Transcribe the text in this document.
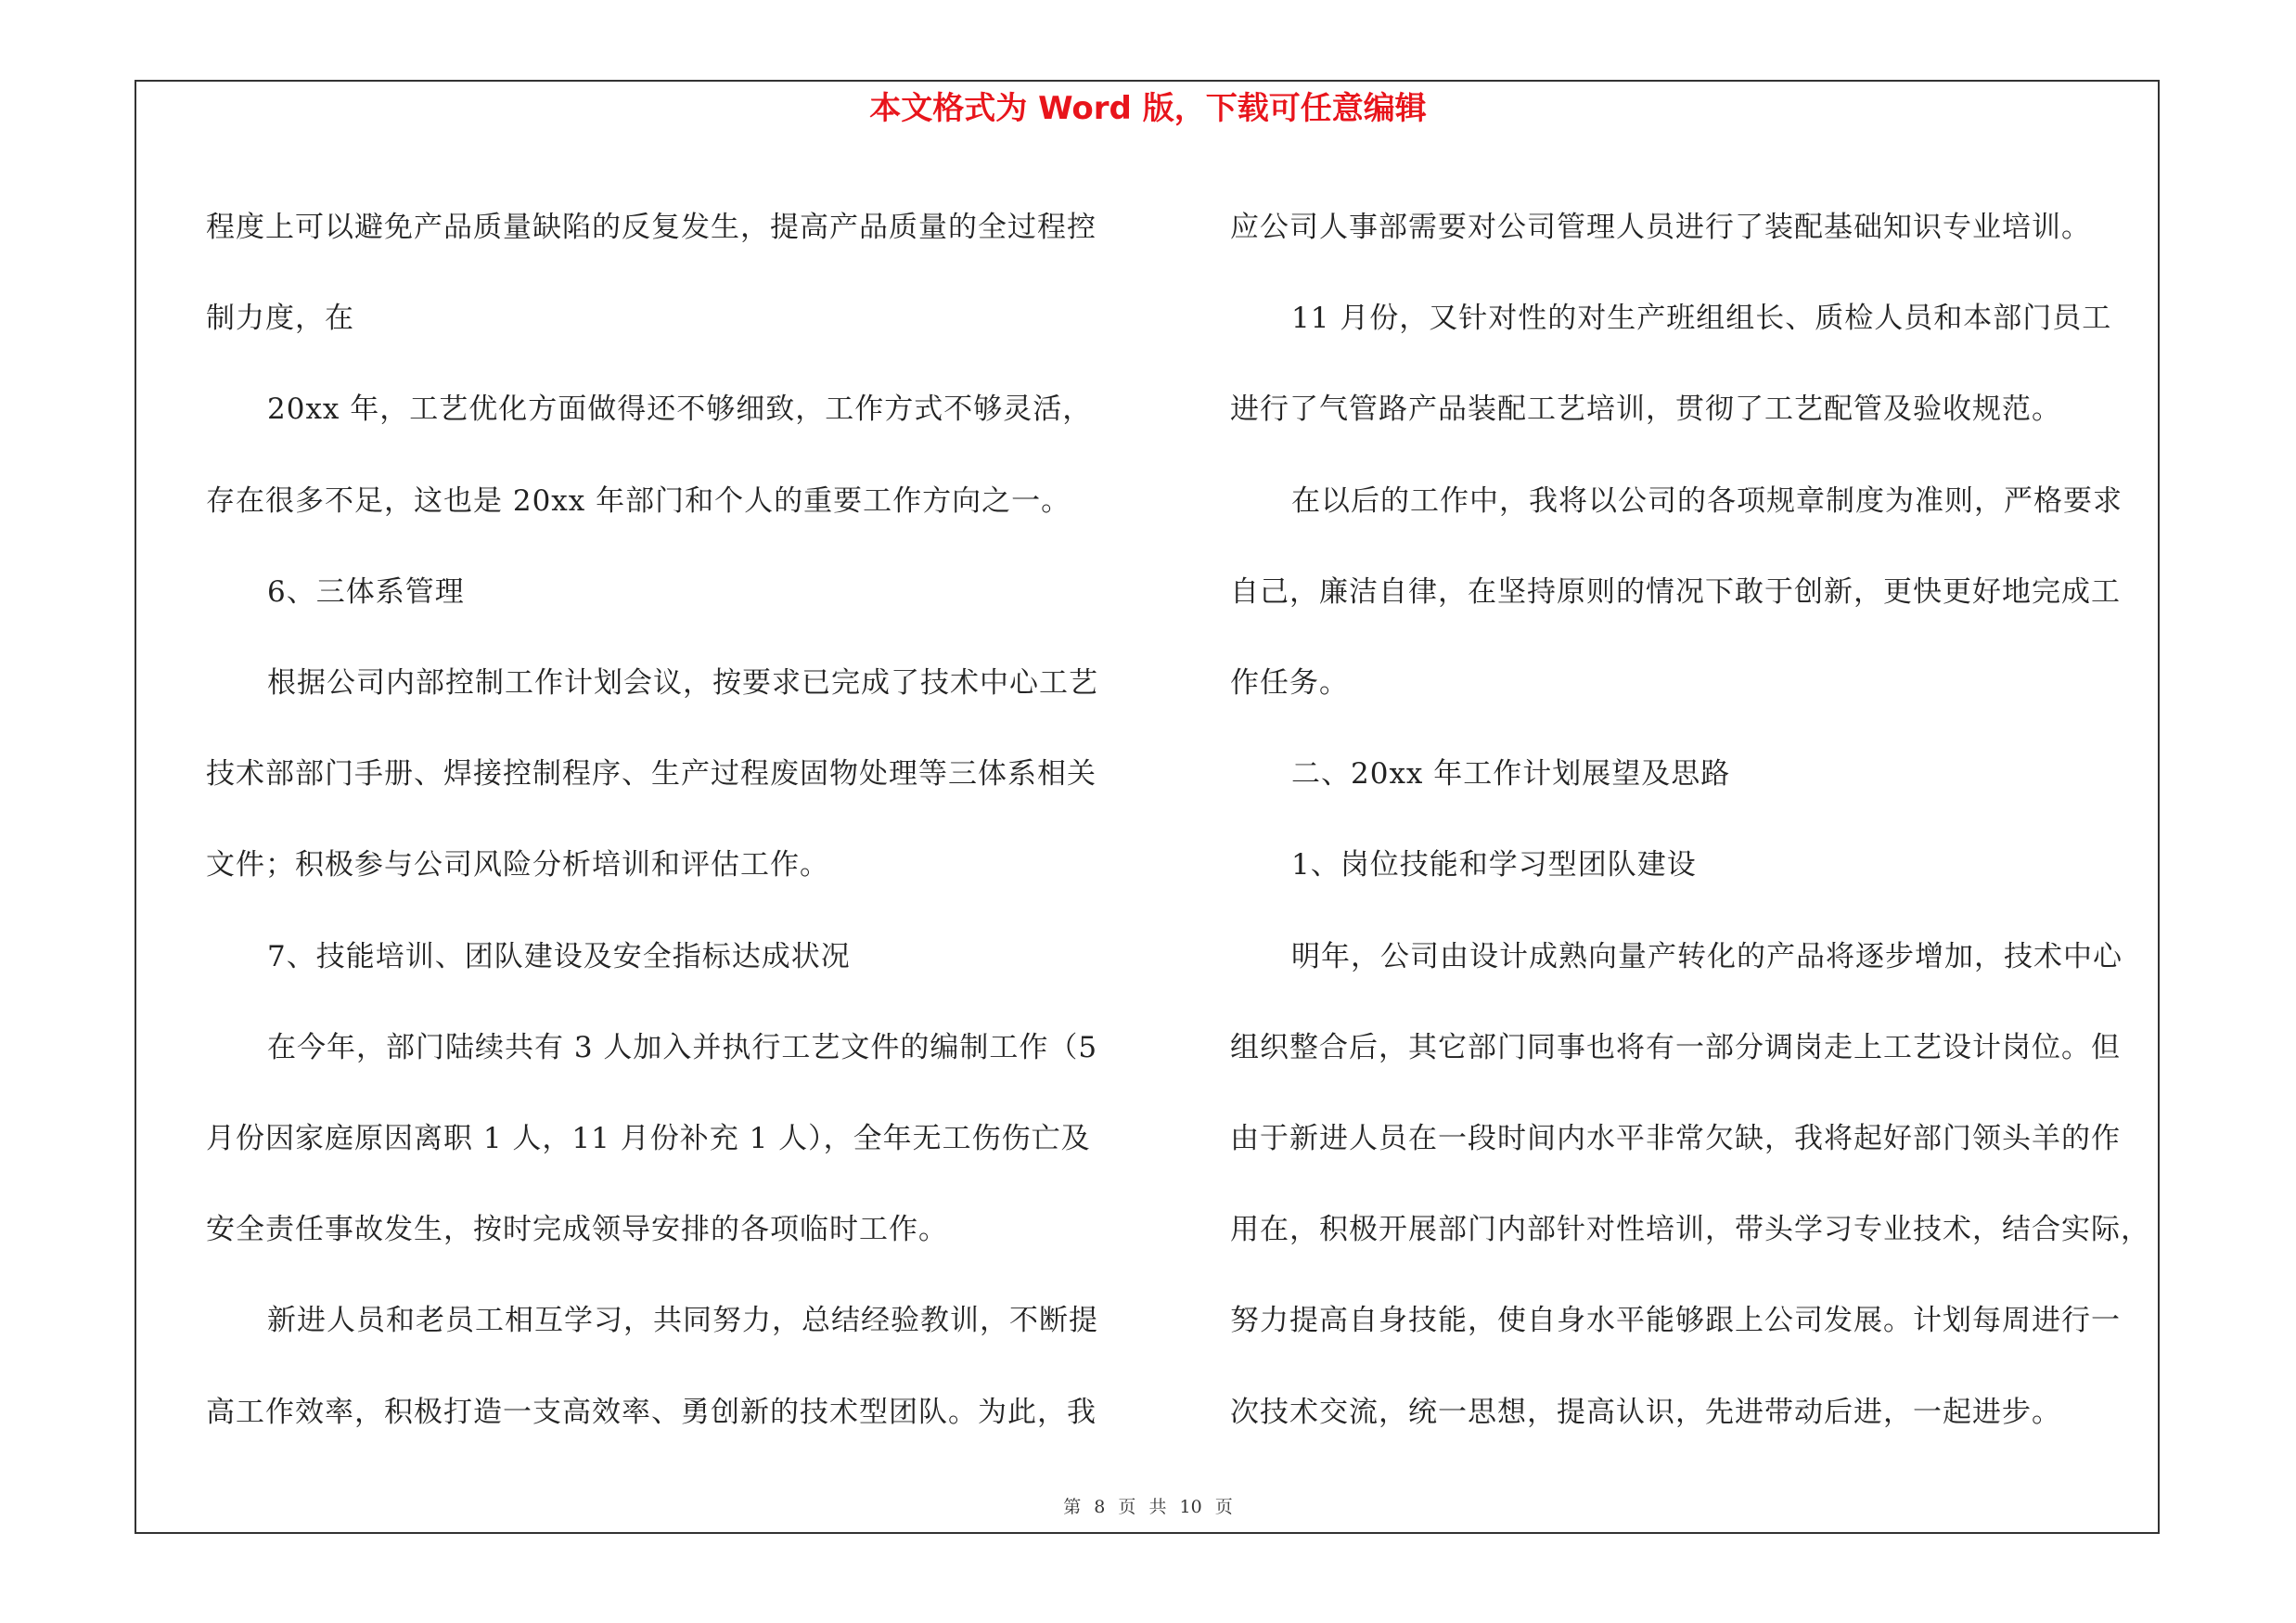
本文格式为 Word 版，下载可任意编辑
程度上可以避免产品质量缺陷的反复发生，提高产品质量的全过程控
制力度，在
20xx 年，工艺优化方面做得还不够细致，工作方式不够灵活，
存在很多不足，这也是 20xx 年部门和个人的重要工作方向之一。
6、三体系管理
根据公司内部控制工作计划会议，按要求已完成了技术中心工艺
技术部部门手册、焊接控制程序、生产过程废固物处理等三体系相关
文件；积极参与公司风险分析培训和评估工作。
7、技能培训、团队建设及安全指标达成状况
在今年，部门陆续共有 3 人加入并执行工艺文件的编制工作（5
月份因家庭原因离职 1 人，11 月份补充 1 人），全年无工伤伤亡及
安全责任事故发生，按时完成领导安排的各项临时工作。
新进人员和老员工相互学习，共同努力，总结经验教训，不断提
高工作效率，积极打造一支高效率、勇创新的技术型团队。为此，我
应公司人事部需要对公司管理人员进行了装配基础知识专业培训。
11 月份，又针对性的对生产班组组长、质检人员和本部门员工
进行了气管路产品装配工艺培训，贯彻了工艺配管及验收规范。
在以后的工作中，我将以公司的各项规章制度为准则，严格要求
自己，廉洁自律，在坚持原则的情况下敢于创新，更快更好地完成工
作任务。
二、20xx 年工作计划展望及思路
1、岗位技能和学习型团队建设
明年，公司由设计成熟向量产转化的产品将逐步增加，技术中心
组织整合后，其它部门同事也将有一部分调岗走上工艺设计岗位。但
由于新进人员在一段时间内水平非常欠缺，我将起好部门领头羊的作
用在，积极开展部门内部针对性培训，带头学习专业技术，结合实际，
努力提高自身技能，使自身水平能够跟上公司发展。计划每周进行一
次技术交流，统一思想，提高认识，先进带动后进，一起进步。
第 8 页 共 10 页
